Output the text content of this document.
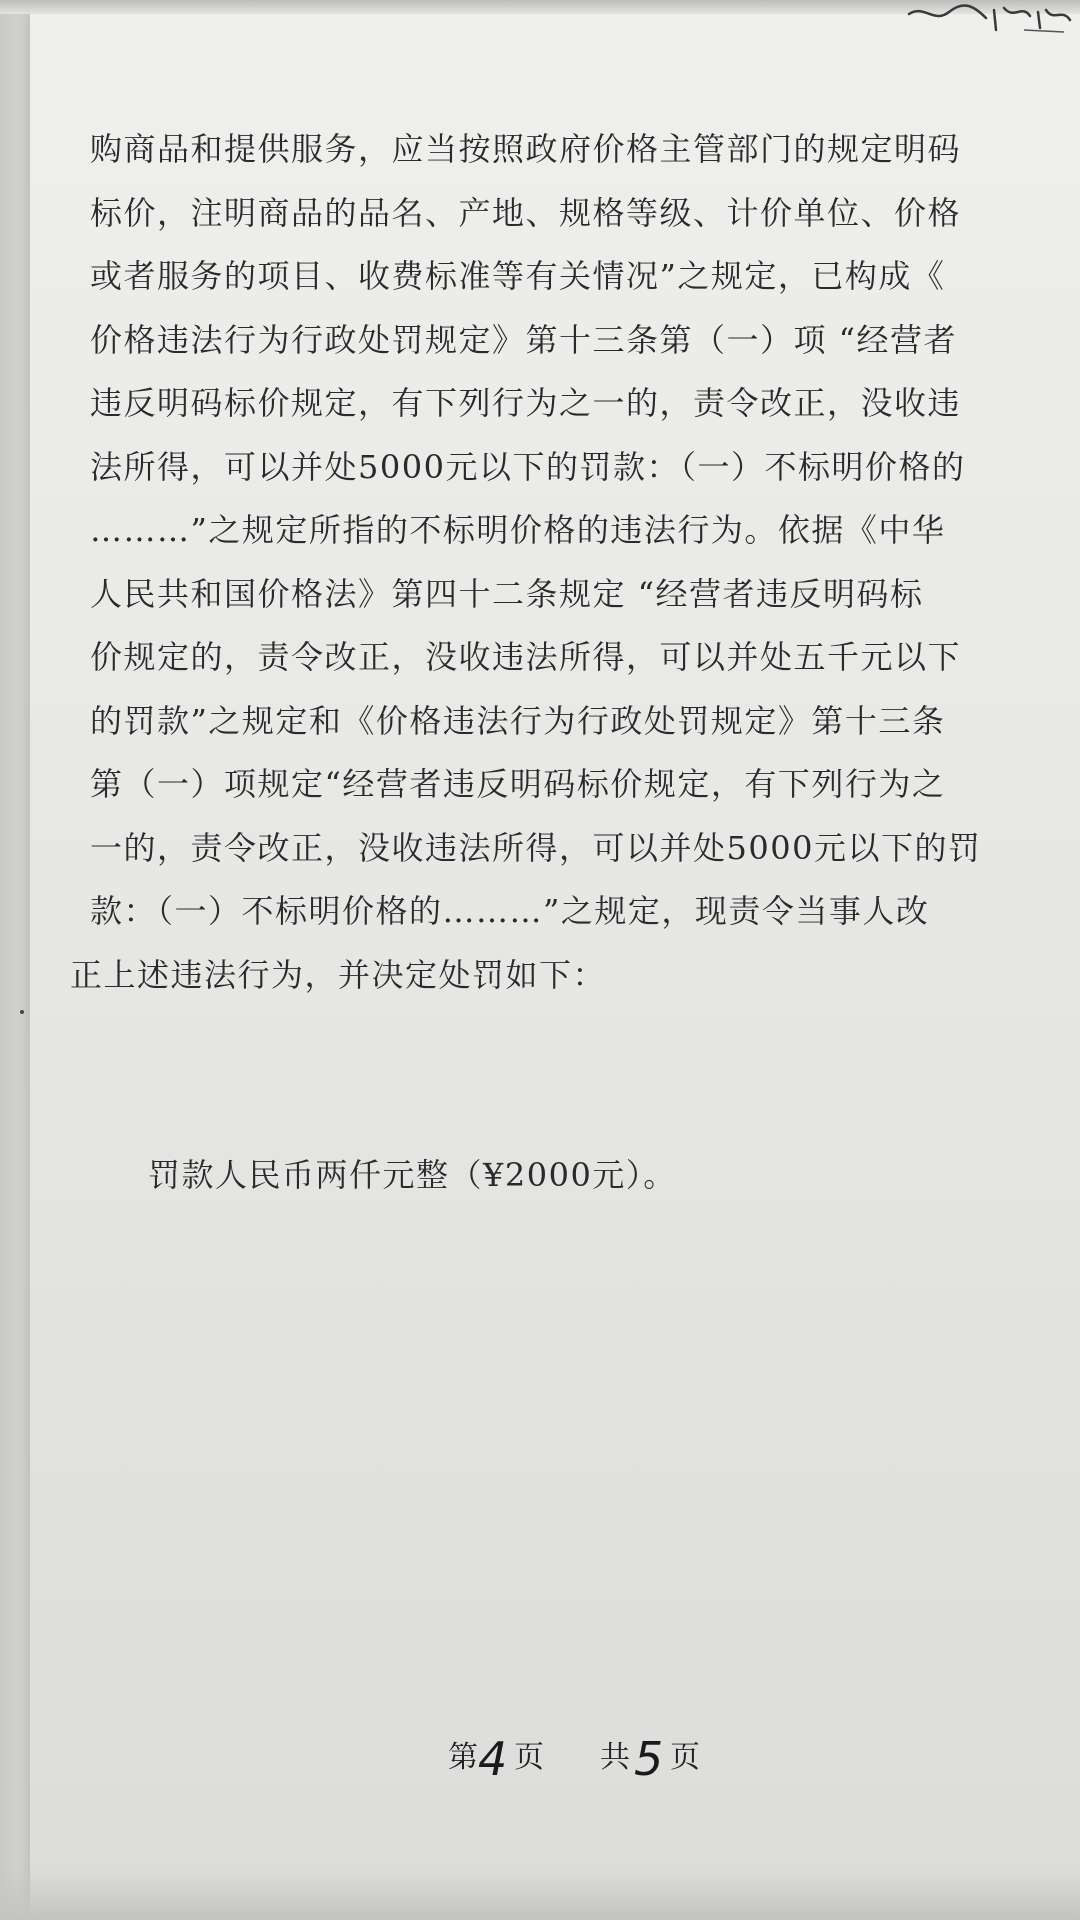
购商品和提供服务，应当按照政府价格主管部门的规定明码
标价，注明商品的品名、产地、规格等级、计价单位、价格
或者服务的项目、收费标准等有关情况”之规定，已构成《
价格违法行为行政处罚规定》第十三条第（一）项 “经营者
违反明码标价规定，有下列行为之一的，责令改正，没收违
法所得，可以并处5000元以下的罚款：（一）不标明价格的
………”之规定所指的不标明价格的违法行为。依据《中华
人民共和国价格法》第四十二条规定 “经营者违反明码标
价规定的，责令改正，没收违法所得，可以并处五千元以下
的罚款”之规定和《价格违法行为行政处罚规定》第十三条
第（一）项规定“经营者违反明码标价规定，有下列行为之
一的，责令改正，没收违法所得，可以并处5000元以下的罚
款：（一）不标明价格的………”之规定，现责令当事人改
正上述违法行为，并决定处罚如下：
罚款人民币两仟元整（¥2000元）。
第 4 页 共 5 页
